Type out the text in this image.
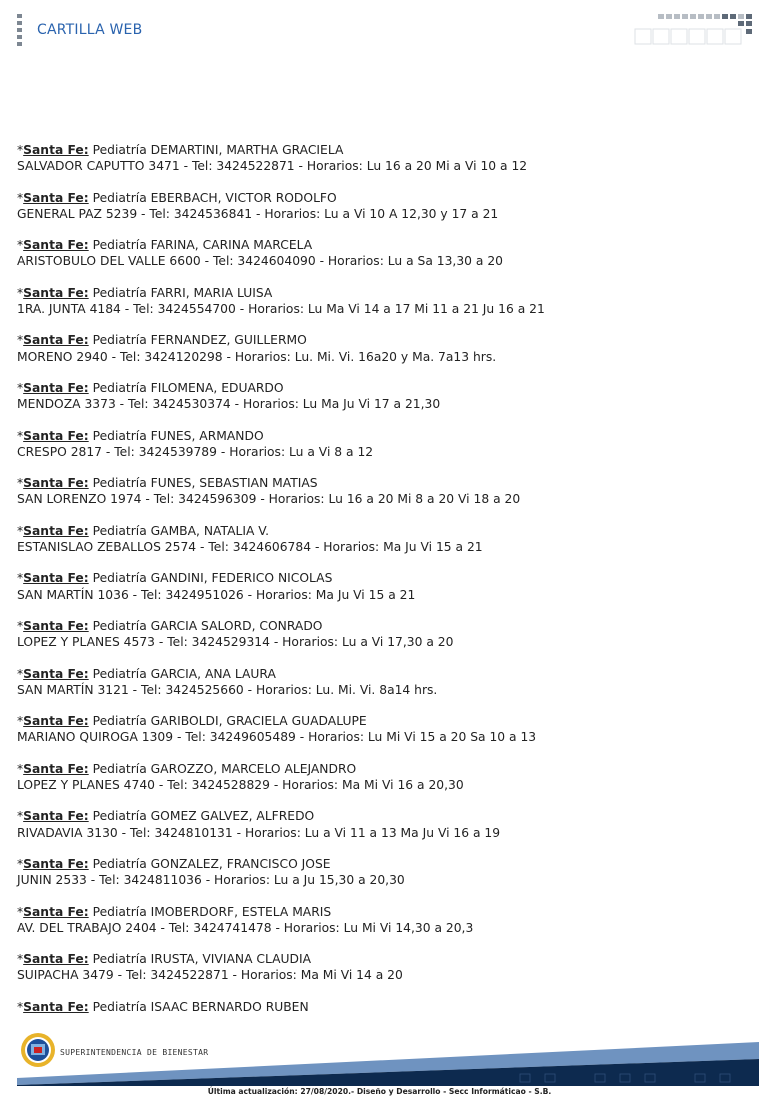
CARTILLA WEB
*Santa Fe: Pediatría DEMARTINI, MARTHA GRACIELA
SALVADOR CAPUTTO 3471 - Tel: 3424522871 - Horarios: Lu 16 a 20 Mi a Vi 10 a 12
*Santa Fe: Pediatría EBERBACH, VICTOR RODOLFO
GENERAL PAZ 5239 - Tel: 3424536841 - Horarios: Lu a Vi 10 A 12,30 y 17 a 21
*Santa Fe: Pediatría FARINA, CARINA MARCELA
ARISTOBULO DEL VALLE 6600 - Tel: 3424604090 - Horarios: Lu a Sa 13,30 a 20
*Santa Fe: Pediatría FARRI, MARIA LUISA
1RA. JUNTA 4184 - Tel: 3424554700 - Horarios: Lu Ma Vi 14 a 17 Mi 11 a 21 Ju 16 a 21
*Santa Fe: Pediatría FERNANDEZ, GUILLERMO
MORENO 2940 - Tel: 3424120298 - Horarios: Lu. Mi. Vi. 16a20 y Ma. 7a13 hrs.
*Santa Fe: Pediatría FILOMENA, EDUARDO
MENDOZA 3373 - Tel: 3424530374 - Horarios: Lu Ma Ju Vi 17 a 21,30
*Santa Fe: Pediatría FUNES, ARMANDO
CRESPO 2817 - Tel: 3424539789 - Horarios: Lu a Vi 8 a 12
*Santa Fe: Pediatría FUNES, SEBASTIAN MATIAS
SAN LORENZO 1974 - Tel: 3424596309 - Horarios: Lu 16 a 20 Mi 8 a 20 Vi 18 a 20
*Santa Fe: Pediatría GAMBA, NATALIA V.
ESTANISLAO ZEBALLOS 2574 - Tel: 3424606784 - Horarios: Ma Ju Vi 15 a 21
*Santa Fe: Pediatría GANDINI, FEDERICO NICOLAS
SAN MARTÍN 1036 - Tel: 3424951026 - Horarios: Ma Ju Vi 15 a 21
*Santa Fe: Pediatría GARCIA SALORD, CONRADO
LOPEZ Y PLANES 4573 - Tel: 3424529314 - Horarios: Lu a Vi 17,30 a 20
*Santa Fe: Pediatría GARCIA, ANA LAURA
SAN MARTÍN 3121 - Tel: 3424525660 - Horarios: Lu. Mi. Vi. 8a14 hrs.
*Santa Fe: Pediatría GARIBOLDI, GRACIELA GUADALUPE
MARIANO QUIROGA 1309 - Tel: 34249605489 - Horarios: Lu Mi Vi 15 a 20 Sa 10 a 13
*Santa Fe: Pediatría GAROZZO, MARCELO ALEJANDRO
LOPEZ Y PLANES 4740 - Tel: 3424528829 - Horarios: Ma Mi Vi 16 a 20,30
*Santa Fe: Pediatría GOMEZ GALVEZ, ALFREDO
RIVADAVIA 3130 - Tel: 3424810131 - Horarios: Lu a Vi 11 a 13 Ma Ju Vi 16 a 19
*Santa Fe: Pediatría GONZALEZ, FRANCISCO JOSE
JUNIN 2533 - Tel: 3424811036 - Horarios: Lu a Ju 15,30 a 20,30
*Santa Fe: Pediatría IMOBERDORF, ESTELA MARIS
AV. DEL TRABAJO 2404 - Tel: 3424741478 - Horarios: Lu Mi Vi 14,30 a 20,3
*Santa Fe: Pediatría IRUSTA, VIVIANA CLAUDIA
SUIPACHA 3479 - Tel: 3424522871 - Horarios: Ma Mi Vi 14 a 20
*Santa Fe: Pediatría ISAAC BERNARDO RUBEN
SUPERINTENDENCIA DE BIENESTAR
Última actualización: 27/08/2020.- Diseño y Desarrollo - Secc Informáticao - S.B.
